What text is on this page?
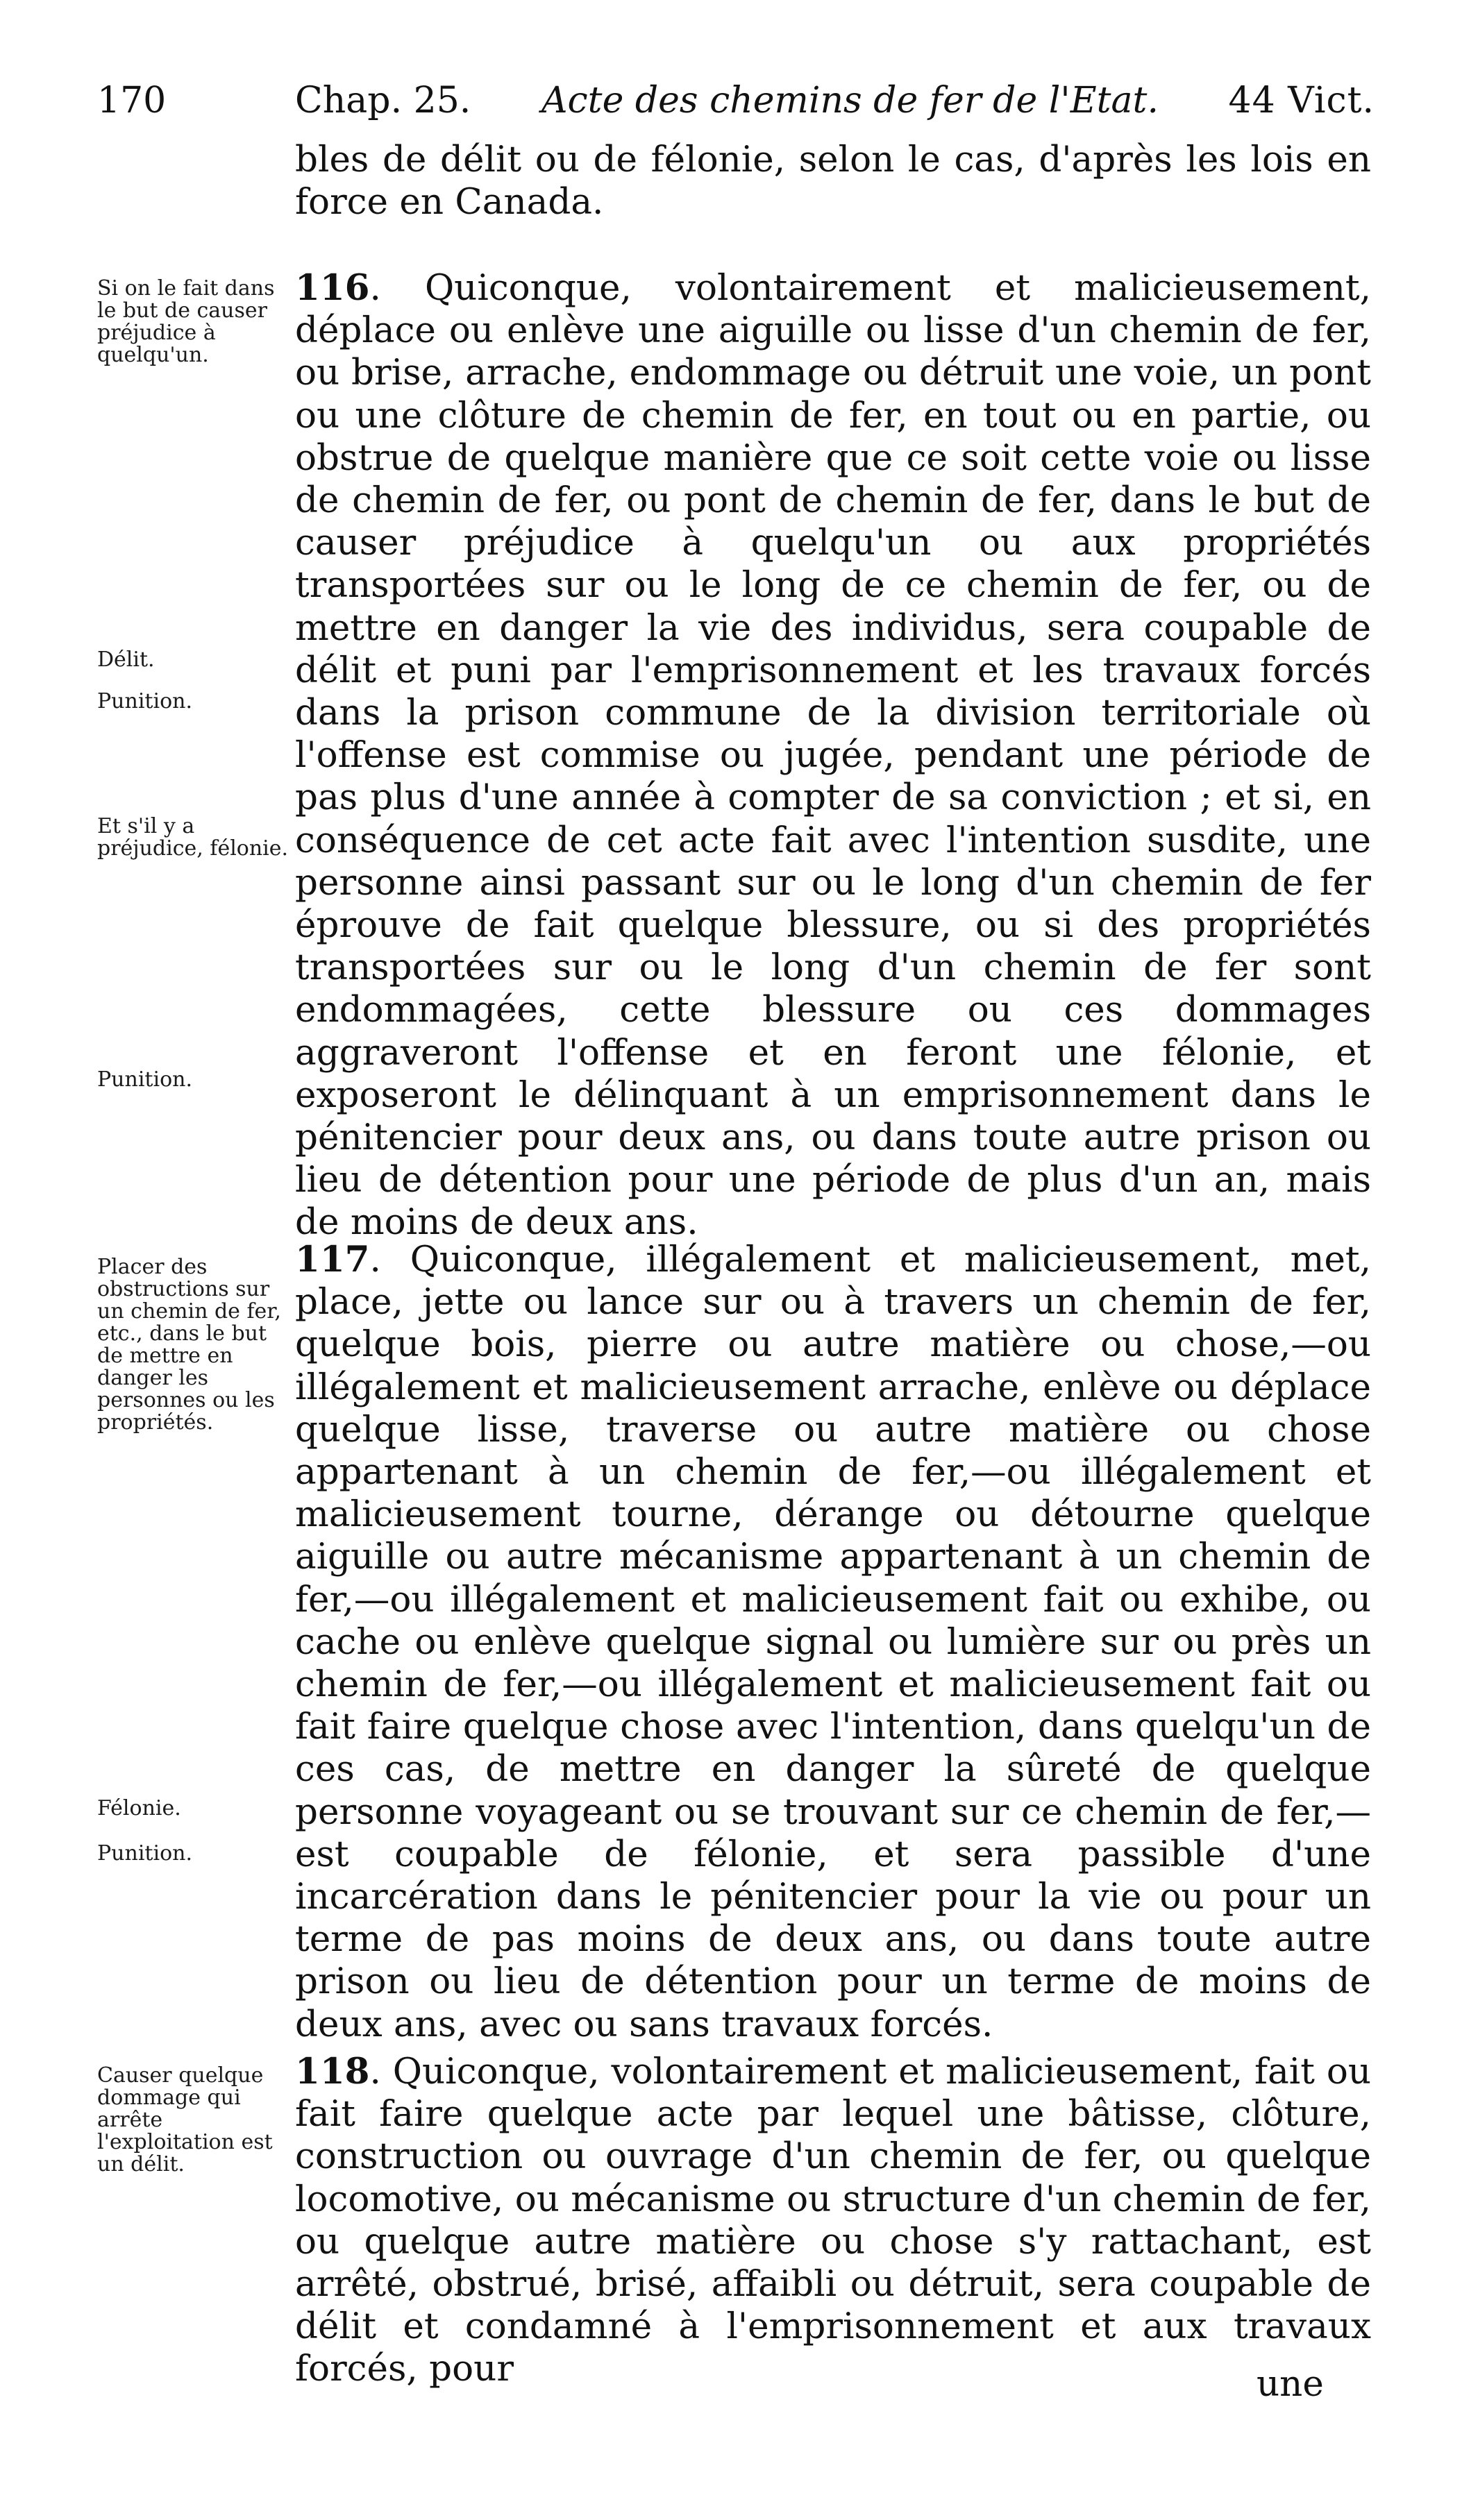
170	Chap. 25. Acte des chemins de fer de l'Etat. 44 Vict.

bles de délit ou de félonie, selon le cas, d'après les lois en force en Canada.

116. Quiconque, volontairement et malicieusement, déplace ou enlève une aiguille ou lisse d'un chemin de fer, ou brise, arrache, endommage ou détruit une voie, un pont ou une clôture de chemin de fer, en tout ou en partie, ou obstrue de quelque manière que ce soit cette voie ou lisse de chemin de fer, ou pont de chemin de fer, dans le but de causer préjudice à quelqu'un ou aux propriétés transportées sur ou le long de ce chemin de fer, ou de mettre en danger la vie des individus, sera coupable de délit et puni par l'emprisonnement et les travaux forcés dans la prison commune de la division territoriale où l'offense est commise ou jugée, pendant une période de pas plus d'une année à compter de sa conviction ; et si, en conséquence de cet acte fait avec l'intention susdite, une personne ainsi passant sur ou le long d'un chemin de fer éprouve de fait quelque blessure, ou si des propriétés transportées sur ou le long d'un chemin de fer sont endommagées, cette blessure ou ces dommages aggraveront l'offense et en feront une félonie, et exposeront le délinquant à un emprisonnement dans le pénitencier pour deux ans, ou dans toute autre prison ou lieu de détention pour une période de plus d'un an, mais de moins de deux ans.

Si on le fait dans le but de causer préjudice à quelqu'un.
Délit.
Punition.
Et s'il y a préjudice, félonie.
Punition.

117. Quiconque, illégalement et malicieusement, met, place, jette ou lance sur ou à travers un chemin de fer, quelque bois, pierre ou autre matière ou chose,—ou illégalement et malicieusement arrache, enlève ou déplace quelque lisse, traverse ou autre matière ou chose appartenant à un chemin de fer,—ou illégalement et malicieusement tourne, dérange ou détourne quelque aiguille ou autre mécanisme appartenant à un chemin de fer,—ou illégalement et malicieusement fait ou exhibe, ou cache ou enlève quelque signal ou lumière sur ou près un chemin de fer,—ou illégalement et malicieusement fait ou fait faire quelque chose avec l'intention, dans quelqu'un de ces cas, de mettre en danger la sûreté de quelque personne voyageant ou se trouvant sur ce chemin de fer,—est coupable de félonie, et sera passible d'une incarcération dans le pénitencier pour la vie ou pour un terme de pas moins de deux ans, ou dans toute autre prison ou lieu de détention pour un terme de moins de deux ans, avec ou sans travaux forcés.

Placer des obstructions sur un chemin de fer, etc., dans le but de mettre en danger les personnes ou les propriétés.
Félonie.
Punition.

118. Quiconque, volontairement et malicieusement, fait ou fait faire quelque acte par lequel une bâtisse, clôture, construction ou ouvrage d'un chemin de fer, ou quelque locomotive, ou mécanisme ou structure d'un chemin de fer, ou quelque autre matière ou chose s'y rattachant, est arrêté, obstrué, brisé, affaibli ou détruit, sera coupable de délit et condamné à l'emprisonnement et aux travaux forcés, pour

Causer quelque dommage qui arrête l'exploitation est un délit.
une
